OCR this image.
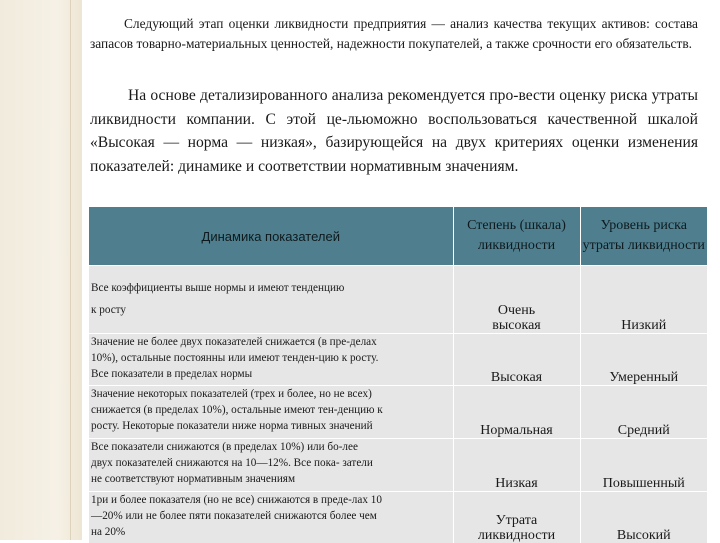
Следующий этап оценки ликвидности предприятия — анализ качества текущих активов: состава запасов товарно-материальных ценностей, надежности покупателей, а также срочности его обязательств.

На основе детализированного анализа рекомендуется про-вести оценку риска утраты ликвидности компании. С этой це-льюможно воспользоваться качественной шкалой «Высокая — норма — низкая», базирующейся на двух критериях оценки изменения показателей: динамике и соответствии нормативным значениям.

Динамика показателей	Степень (шкала) ликвидности	Уровень риска утраты ликвидности

Все коэффициенты выше нормы и имеют тенденцию
к росту	Очень высокая	Низкий

Значение не более двух показателей снижается (в пре-делах
10%), остальные постоянны или имеют тенден-цию к росту.
Все показатели в пределах нормы	Высокая	Умеренный

Значение некоторых показателей (трех и более, но не всех)
снижается (в пределах 10%), остальные имеют тен-денцию к
росту. Некоторые показатели ниже норма тивных значений	Нормальная	Средний

Все показатели снижаются (в пределах 10%) или бо-лее
двух показателей снижаются на 10—12%. Все пока- затели
не соответствуют нормативным значениям	Низкая	Повышенный

1ри и более показателя (но не все) снижаются в преде-лах 10
—20% или не более пяти показателей снижаются более чем
на 20%	Утрата ликвидности	Высокий
